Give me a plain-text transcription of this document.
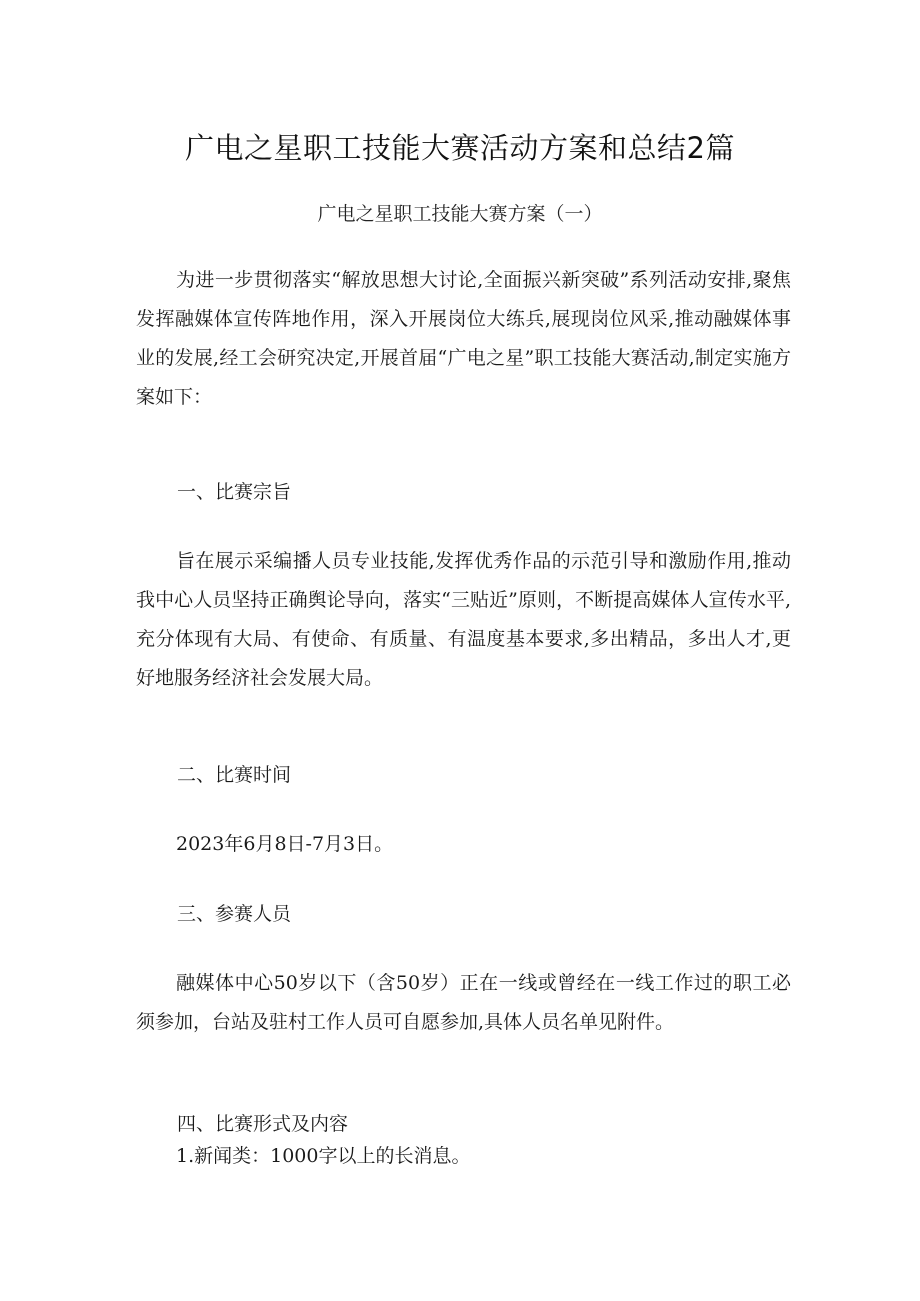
广电之星职工技能大赛活动方案和总结2篇
广电之星职工技能大赛方案（一）
为进一步贯彻落实“解放思想大讨论,全面振兴新突破”系列活动安排,聚焦发挥融媒体宣传阵地作用，深入开展岗位大练兵,展现岗位风采,推动融媒体事业的发展,经工会研究决定,开展首届“广电之星”职工技能大赛活动,制定实施方案如下：
一、比赛宗旨
旨在展示采编播人员专业技能,发挥优秀作品的示范引导和激励作用,推动我中心人员坚持正确舆论导向，落实“三贴近”原则，不断提高媒体人宣传水平,充分体现有大局、有使命、有质量、有温度基本要求,多出精品，多出人才,更好地服务经济社会发展大局。
二、比赛时间
2023年6月8日-7月3日。
三、参赛人员
融媒体中心50岁以下（含50岁）正在一线或曾经在一线工作过的职工必须参加，台站及驻村工作人员可自愿参加,具体人员名单见附件。
四、比赛形式及内容
1.新闻类：1000字以上的长消息。
